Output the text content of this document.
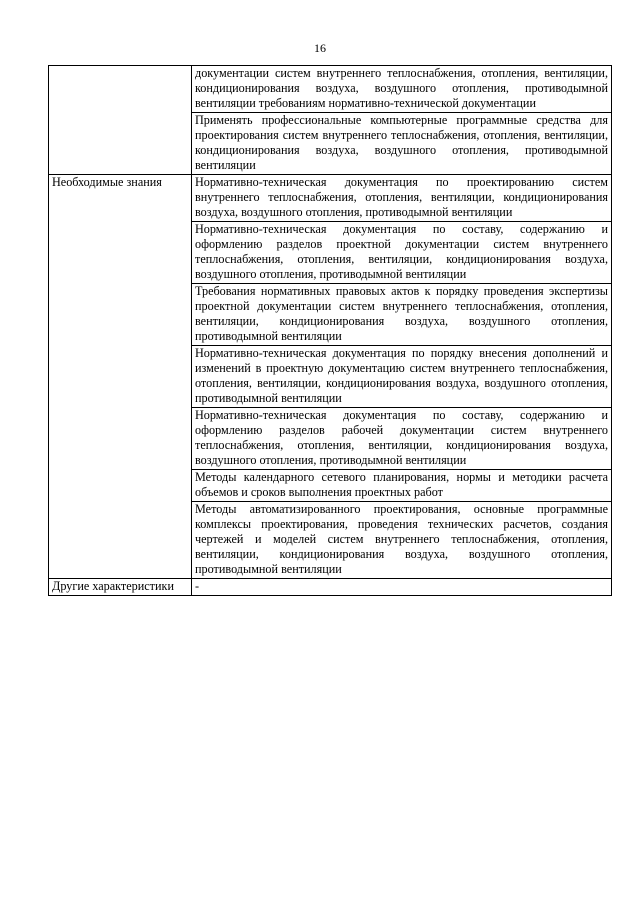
16
	документации систем внутреннего теплоснабжения, отопления, вентиляции, кондиционирования воздуха, воздушного отопления, противодымной вентиляции требованиям нормативно-технической документации
	Применять профессиональные компьютерные программные средства для проектирования систем внутреннего теплоснабжения, отопления, вентиляции, кондиционирования воздуха, воздушного отопления, противодымной вентиляции
Необходимые знания	Нормативно-техническая документация по проектированию систем внутреннего теплоснабжения, отопления, вентиляции, кондиционирования воздуха, воздушного отопления, противодымной вентиляции
	Нормативно-техническая документация по составу, содержанию и оформлению разделов проектной документации систем внутреннего теплоснабжения, отопления, вентиляции, кондиционирования воздуха, воздушного отопления, противодымной вентиляции
	Требования нормативных правовых актов к порядку проведения экспертизы проектной документации систем внутреннего теплоснабжения, отопления, вентиляции, кондиционирования воздуха, воздушного отопления, противодымной вентиляции
	Нормативно-техническая документация по порядку внесения дополнений и изменений в проектную документацию систем внутреннего теплоснабжения, отопления, вентиляции, кондиционирования воздуха, воздушного отопления, противодымной вентиляции
	Нормативно-техническая документация по составу, содержанию и оформлению разделов рабочей документации систем внутреннего теплоснабжения, отопления, вентиляции, кондиционирования воздуха, воздушного отопления, противодымной вентиляции
	Методы календарного сетевого планирования, нормы и методики расчета объемов и сроков выполнения проектных работ
	Методы автоматизированного проектирования, основные программные комплексы проектирования, проведения технических расчетов, создания чертежей и моделей систем внутреннего теплоснабжения, отопления, вентиляции, кондиционирования воздуха, воздушного отопления, противодымной вентиляции
Другие характеристики	-
